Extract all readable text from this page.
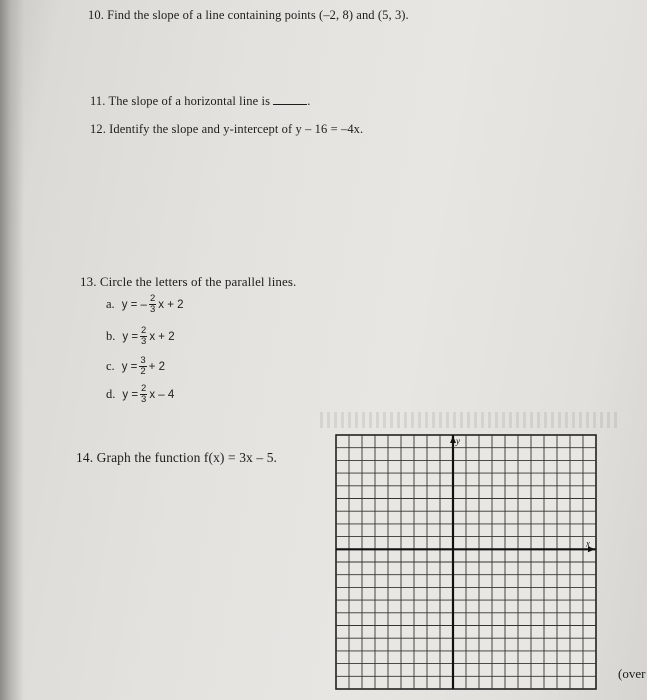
10. Find the slope of a line containing points (–2, 8) and (5, 3).
11. The slope of a horizontal line is	.
12. Identify the slope and y-intercept of y – 16 = –4x.
13. Circle the letters of the parallel lines.
a. y = – $\frac{2}{3}$ x + 2
b. $y = \frac{2}{3}$ x + 2
c. $y = \frac{3}{2} + 2$
d. $y = \frac{2}{3}$ x – 4
14. Graph the function f(x) = 3x – 5.
y
x
(over
